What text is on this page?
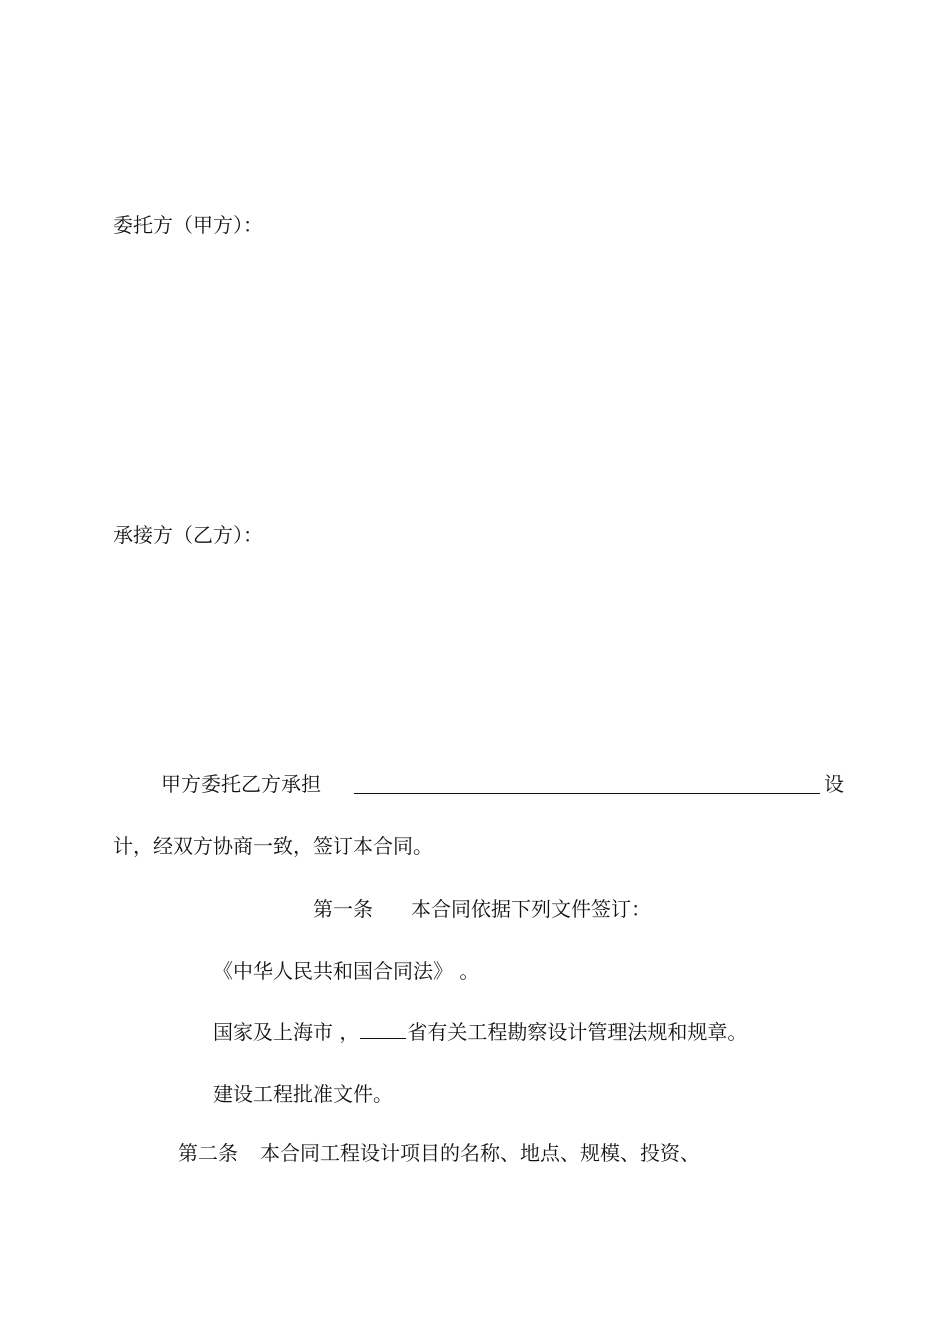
委托方（甲方）：
承接方（乙方）：
甲方委托乙方承担	设
计，经双方协商一致，签订本合同。
第一条 本合同依据下列文件签订：
《中华人民共和国合同法》 。
国家及上海市 ， 省有关工程勘察设计管理法规和规章。
建设工程批准文件。
第二条 本合同工程设计项目的名称、地点、规模、投资、
